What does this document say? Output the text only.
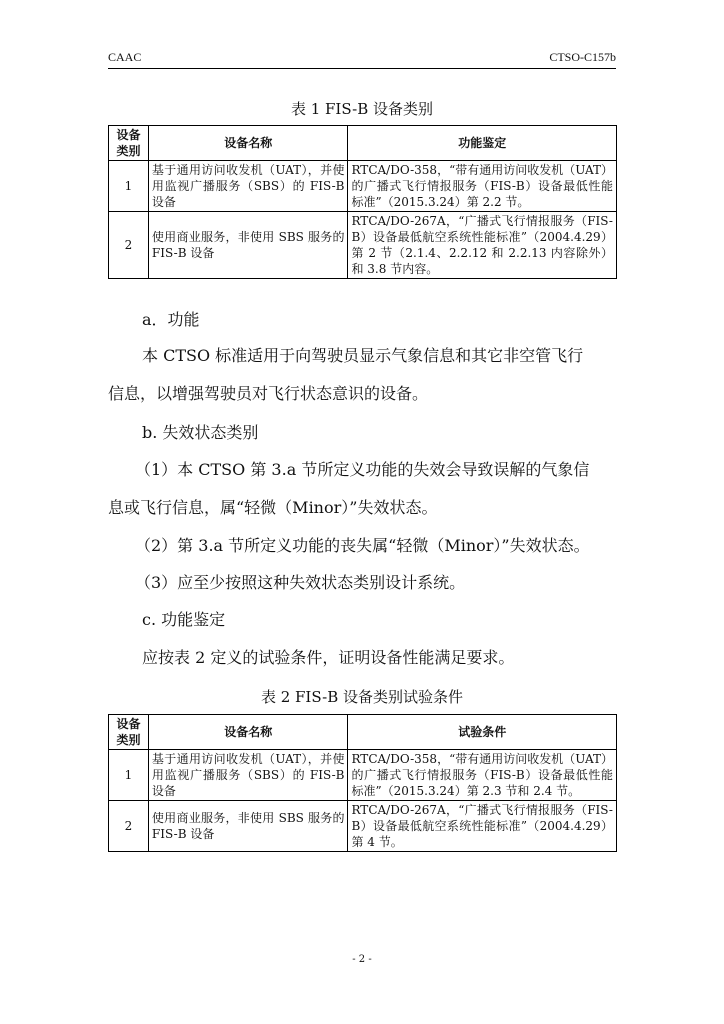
CAAC	CTSO-C157b
表 1 FIS-B 设备类别
设备类别	设备名称	功能鉴定
1	基于通用访问收发机（UAT），并使用监视广播服务（SBS）的 FIS-B 设备	RTCA/DO-358，“带有通用访问收发机（UAT）的广播式飞行情报服务（FIS-B）设备最低性能标准”（2015.3.24）第 2.2 节。
2	使用商业服务，非使用 SBS 服务的 FIS-B 设备	RTCA/DO-267A，“广播式飞行情报服务（FIS-B）设备最低航空系统性能标准”（2004.4.29）第 2 节（2.1.4、2.2.12 和 2.2.13 内容除外）和 3.8 节内容。
a．功能
本 CTSO 标准适用于向驾驶员显示气象信息和其它非空管飞行
信息，以增强驾驶员对飞行状态意识的设备。
b. 失效状态类别
（1）本 CTSO 第 3.a 节所定义功能的失效会导致误解的气象信
息或飞行信息，属“轻微（Minor）”失效状态。
（2）第 3.a 节所定义功能的丧失属“轻微（Minor）”失效状态。
（3）应至少按照这种失效状态类别设计系统。
c. 功能鉴定
应按表 2 定义的试验条件，证明设备性能满足要求。
表 2 FIS-B 设备类别试验条件
设备类别	设备名称	试验条件
1	基于通用访问收发机（UAT），并使用监视广播服务（SBS）的 FIS-B 设备	RTCA/DO-358，“带有通用访问收发机（UAT）的广播式飞行情报服务（FIS-B）设备最低性能标准”（2015.3.24）第 2.3 节和 2.4 节。
2	使用商业服务，非使用 SBS 服务的 FIS-B 设备	RTCA/DO-267A，“广播式飞行情报服务（FIS-B）设备最低航空系统性能标准”（2004.4.29）第 4 节。
- 2 -
